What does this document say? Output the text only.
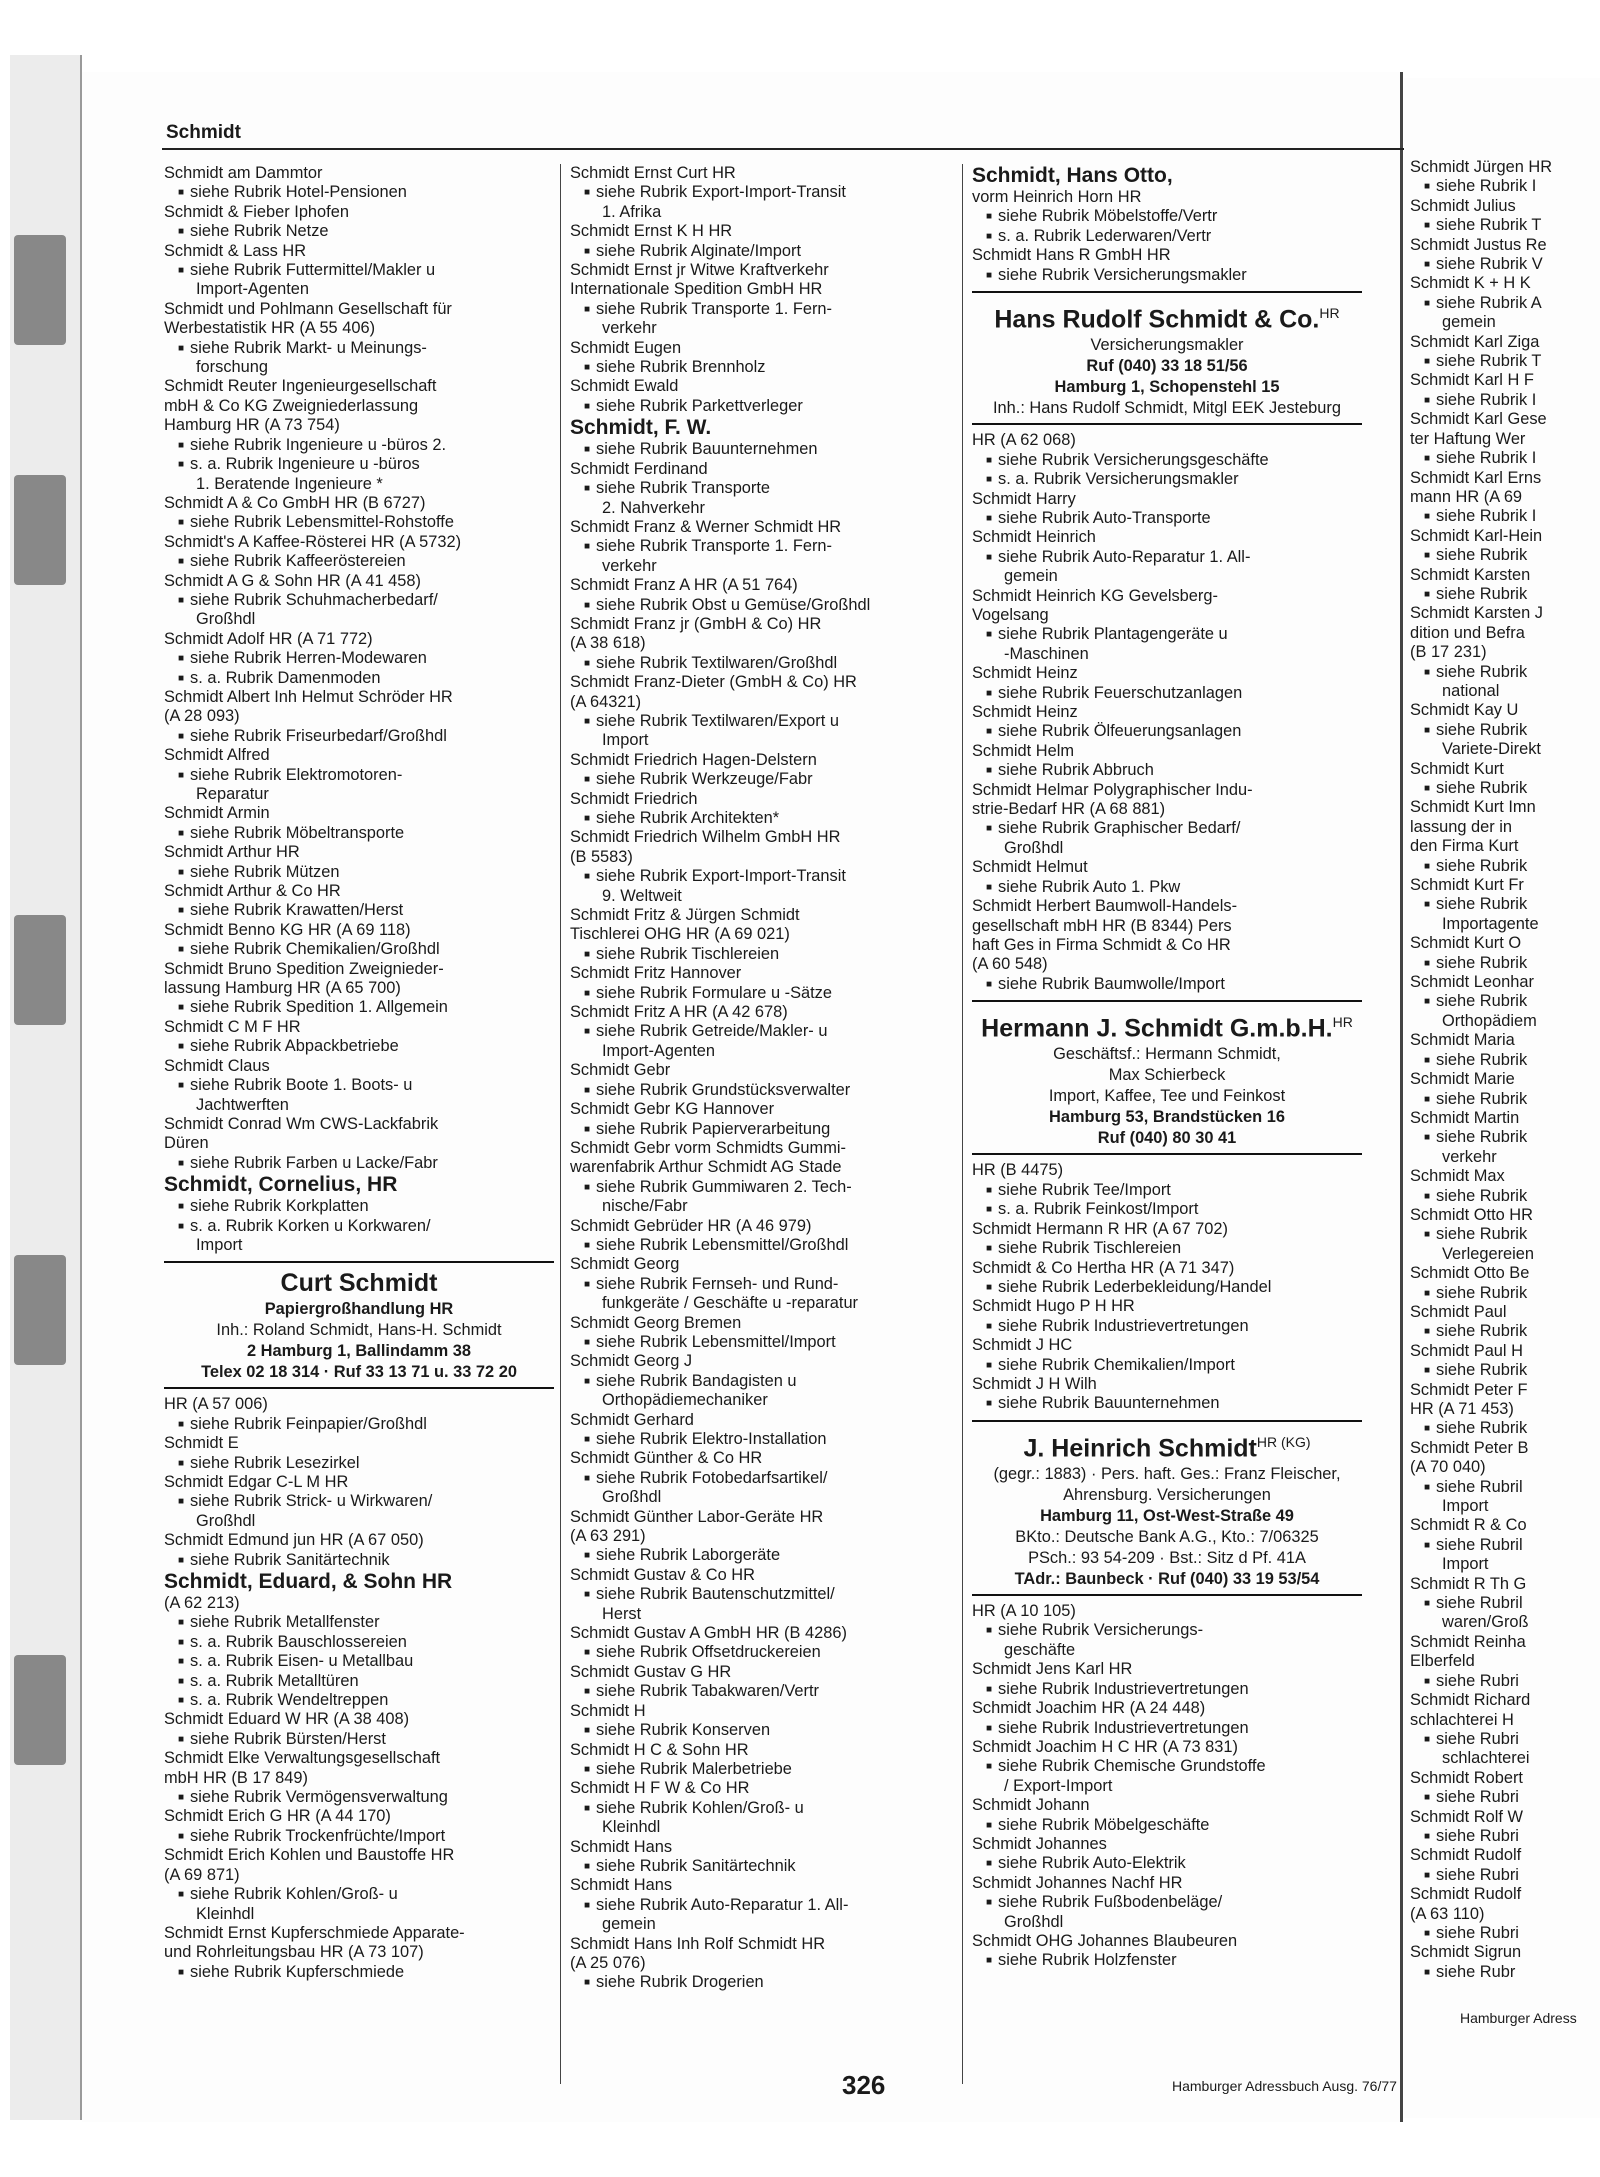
Schmidt
Schmidt am Dammtor
■ siehe Rubrik Hotel-Pensionen
Schmidt & Fieber Iphofen
■ siehe Rubrik Netze
Schmidt & Lass HR
■ siehe Rubrik Futtermittel/Makler u
Import-Agenten
Schmidt und Pohlmann Gesellschaft für
Werbestatistik HR (A 55 406)
■ siehe Rubrik Markt- u Meinungs-
forschung
Schmidt Reuter Ingenieurgesellschaft
mbH & Co KG Zweigniederlassung
Hamburg HR (A 73 754)
■ siehe Rubrik Ingenieure u -büros 2.
■ s. a. Rubrik Ingenieure u -büros
1. Beratende Ingenieure *
Schmidt A & Co GmbH HR (B 6727)
■ siehe Rubrik Lebensmittel-Rohstoffe
Schmidt's A Kaffee-Rösterei HR (A 5732)
■ siehe Rubrik Kaffeeröstereien
Schmidt A G & Sohn HR (A 41 458)
■ siehe Rubrik Schuhmacherbedarf/
Großhdl
Schmidt Adolf HR (A 71 772)
■ siehe Rubrik Herren-Modewaren
■ s. a. Rubrik Damenmoden
Schmidt Albert Inh Helmut Schröder HR
(A 28 093)
■ siehe Rubrik Friseurbedarf/Großhdl
Schmidt Alfred
■ siehe Rubrik Elektromotoren-
Reparatur
Schmidt Armin
■ siehe Rubrik Möbeltransporte
Schmidt Arthur HR
■ siehe Rubrik Mützen
Schmidt Arthur & Co HR
■ siehe Rubrik Krawatten/Herst
Schmidt Benno KG HR (A 69 118)
■ siehe Rubrik Chemikalien/Großhdl
Schmidt Bruno Spedition Zweignieder-
lassung Hamburg HR (A 65 700)
■ siehe Rubrik Spedition 1. Allgemein
Schmidt C M F HR
■ siehe Rubrik Abpackbetriebe
Schmidt Claus
■ siehe Rubrik Boote 1. Boots- u
Jachtwerften
Schmidt Conrad Wm CWS-Lackfabrik
Düren
■ siehe Rubrik Farben u Lacke/Fabr
Schmidt, Cornelius, HR
■ siehe Rubrik Korkplatten
■ s. a. Rubrik Korken u Korkwaren/
Import
Curt Schmidt
Papiergroßhandlung HR
Inh.: Roland Schmidt, Hans-H. Schmidt
2 Hamburg 1, Ballindamm 38
Telex 02 18 314 · Ruf 33 13 71 u. 33 72 20
HR (A 57 006)
■ siehe Rubrik Feinpapier/Großhdl
Schmidt E
■ siehe Rubrik Lesezirkel
Schmidt Edgar C-L M HR
■ siehe Rubrik Strick- u Wirkwaren/
Großhdl
Schmidt Edmund jun HR (A 67 050)
■ siehe Rubrik Sanitärtechnik
Schmidt, Eduard, & Sohn HR
(A 62 213)
■ siehe Rubrik Metallfenster
■ s. a. Rubrik Bauschlossereien
■ s. a. Rubrik Eisen- u Metallbau
■ s. a. Rubrik Metalltüren
■ s. a. Rubrik Wendeltreppen
Schmidt Eduard W HR (A 38 408)
■ siehe Rubrik Bürsten/Herst
Schmidt Elke Verwaltungsgesellschaft
mbH HR (B 17 849)
■ siehe Rubrik Vermögensverwaltung
Schmidt Erich G HR (A 44 170)
■ siehe Rubrik Trockenfrüchte/Import
Schmidt Erich Kohlen und Baustoffe HR
(A 69 871)
■ siehe Rubrik Kohlen/Groß- u
Kleinhdl
Schmidt Ernst Kupferschmiede Apparate-
und Rohrleitungsbau HR (A 73 107)
■ siehe Rubrik Kupferschmiede
Schmidt Ernst Curt HR
■ siehe Rubrik Export-Import-Transit
1. Afrika
Schmidt Ernst K H HR
■ siehe Rubrik Alginate/Import
Schmidt Ernst jr Witwe Kraftverkehr
Internationale Spedition GmbH HR
■ siehe Rubrik Transporte 1. Fern-
verkehr
Schmidt Eugen
■ siehe Rubrik Brennholz
Schmidt Ewald
■ siehe Rubrik Parkettverleger
Schmidt, F. W.
■ siehe Rubrik Bauunternehmen
Schmidt Ferdinand
■ siehe Rubrik Transporte
2. Nahverkehr
Schmidt Franz & Werner Schmidt HR
■ siehe Rubrik Transporte 1. Fern-
verkehr
Schmidt Franz A HR (A 51 764)
■ siehe Rubrik Obst u Gemüse/Großhdl
Schmidt Franz jr (GmbH & Co) HR
(A 38 618)
■ siehe Rubrik Textilwaren/Großhdl
Schmidt Franz-Dieter (GmbH & Co) HR
(A 64321)
■ siehe Rubrik Textilwaren/Export u
Import
Schmidt Friedrich Hagen-Delstern
■ siehe Rubrik Werkzeuge/Fabr
Schmidt Friedrich
■ siehe Rubrik Architekten*
Schmidt Friedrich Wilhelm GmbH HR
(B 5583)
■ siehe Rubrik Export-Import-Transit
9. Weltweit
Schmidt Fritz & Jürgen Schmidt
Tischlerei OHG HR (A 69 021)
■ siehe Rubrik Tischlereien
Schmidt Fritz Hannover
■ siehe Rubrik Formulare u -Sätze
Schmidt Fritz A HR (A 42 678)
■ siehe Rubrik Getreide/Makler- u
Import-Agenten
Schmidt Gebr
■ siehe Rubrik Grundstücksverwalter
Schmidt Gebr KG Hannover
■ siehe Rubrik Papierverarbeitung
Schmidt Gebr vorm Schmidts Gummi-
warenfabrik Arthur Schmidt AG Stade
■ siehe Rubrik Gummiwaren 2. Tech-
nische/Fabr
Schmidt Gebrüder HR (A 46 979)
■ siehe Rubrik Lebensmittel/Großhdl
Schmidt Georg
■ siehe Rubrik Fernseh- und Rund-
funkgeräte / Geschäfte u -reparatur
Schmidt Georg Bremen
■ siehe Rubrik Lebensmittel/Import
Schmidt Georg J
■ siehe Rubrik Bandagisten u
Orthopädiemechaniker
Schmidt Gerhard
■ siehe Rubrik Elektro-Installation
Schmidt Günther & Co HR
■ siehe Rubrik Fotobedarfsartikel/
Großhdl
Schmidt Günther Labor-Geräte HR
(A 63 291)
■ siehe Rubrik Laborgeräte
Schmidt Gustav & Co HR
■ siehe Rubrik Bautenschutzmittel/
Herst
Schmidt Gustav A GmbH HR (B 4286)
■ siehe Rubrik Offsetdruckereien
Schmidt Gustav G HR
■ siehe Rubrik Tabakwaren/Vertr
Schmidt H
■ siehe Rubrik Konserven
Schmidt H C & Sohn HR
■ siehe Rubrik Malerbetriebe
Schmidt H F W & Co HR
■ siehe Rubrik Kohlen/Groß- u
Kleinhdl
Schmidt Hans
■ siehe Rubrik Sanitärtechnik
Schmidt Hans
■ siehe Rubrik Auto-Reparatur 1. All-
gemein
Schmidt Hans Inh Rolf Schmidt HR
(A 25 076)
■ siehe Rubrik Drogerien
Schmidt, Hans Otto,
vorm Heinrich Horn HR
■ siehe Rubrik Möbelstoffe/Vertr
■ s. a. Rubrik Lederwaren/Vertr
Schmidt Hans R GmbH HR
■ siehe Rubrik Versicherungsmakler
Hans Rudolf Schmidt & Co.$^{HR}$
Versicherungsmakler
Ruf (040) 33 18 51/56
Hamburg 1, Schopenstehl 15
Inh.: Hans Rudolf Schmidt, Mitgl EEK Jesteburg
HR (A 62 068)
■ siehe Rubrik Versicherungsgeschäfte
■ s. a. Rubrik Versicherungsmakler
Schmidt Harry
■ siehe Rubrik Auto-Transporte
Schmidt Heinrich
■ siehe Rubrik Auto-Reparatur 1. All-
gemein
Schmidt Heinrich KG Gevelsberg-
Vogelsang
■ siehe Rubrik Plantagengeräte u
-Maschinen
Schmidt Heinz
■ siehe Rubrik Feuerschutzanlagen
Schmidt Heinz
■ siehe Rubrik Ölfeuerungsanlagen
Schmidt Helm
■ siehe Rubrik Abbruch
Schmidt Helmar Polygraphischer Indu-
strie-Bedarf HR (A 68 881)
■ siehe Rubrik Graphischer Bedarf/
Großhdl
Schmidt Helmut
■ siehe Rubrik Auto 1. Pkw
Schmidt Herbert Baumwoll-Handels-
gesellschaft mbH HR (B 8344) Pers
haft Ges in Firma Schmidt & Co HR
(A 60 548)
■ siehe Rubrik Baumwolle/Import
Hermann J. Schmidt G.m.b.H.$^{HR}$
Geschäftsf.: Hermann Schmidt,
Max Schierbeck
Import, Kaffee, Tee und Feinkost
Hamburg 53, Brandstücken 16
Ruf (040) 80 30 41
HR (B 4475)
■ siehe Rubrik Tee/Import
■ s. a. Rubrik Feinkost/Import
Schmidt Hermann R HR (A 67 702)
■ siehe Rubrik Tischlereien
Schmidt & Co Hertha HR (A 71 347)
■ siehe Rubrik Lederbekleidung/Handel
Schmidt Hugo P H HR
■ siehe Rubrik Industrievertretungen
Schmidt J HC
■ siehe Rubrik Chemikalien/Import
Schmidt J H Wilh
■ siehe Rubrik Bauunternehmen
J. Heinrich Schmidt$^{HR (KG)}$
(gegr.: 1883) · Pers. haft. Ges.: Franz Fleischer, Ahrensburg. Versicherungen
Hamburg 11, Ost-West-Straße 49
BKto.: Deutsche Bank A.G., Kto.: 7/06325
PSch.: 93 54-209 · Bst.: Sitz d Pf. 41A
TAdr.: Baunbeck · Ruf (040) 33 19 53/54
HR (A 10 105)
■ siehe Rubrik Versicherungs-
geschäfte
Schmidt Jens Karl HR
■ siehe Rubrik Industrievertretungen
Schmidt Joachim HR (A 24 448)
■ siehe Rubrik Industrievertretungen
Schmidt Joachim H C HR (A 73 831)
■ siehe Rubrik Chemische Grundstoffe
/ Export-Import
Schmidt Johann
■ siehe Rubrik Möbelgeschäfte
Schmidt Johannes
■ siehe Rubrik Auto-Elektrik
Schmidt Johannes Nachf HR
■ siehe Rubrik Fußbodenbeläge/
Großhdl
Schmidt OHG Johannes Blaubeuren
■ siehe Rubrik Holzfenster
326	Hamburger Adressbuch Ausg. 76/77
Schmidt Jürgen HR
■ siehe Rubrik I
Schmidt Julius
■ siehe Rubrik T
Schmidt Justus Re
■ siehe Rubrik V
Schmidt K + H K
■ siehe Rubrik A
gemein
Schmidt Karl Ziga
■ siehe Rubrik T
Schmidt Karl H F
■ siehe Rubrik I
Schmidt Karl Gese
ter Haftung Wer
■ siehe Rubrik I
Schmidt Karl Erns
mann HR (A 69
■ siehe Rubrik I
Schmidt Karl-Hein
■ siehe Rubrik
Schmidt Karsten
■ siehe Rubrik
Schmidt Karsten J
dition und Befra
(B 17 231)
■ siehe Rubrik
national
Schmidt Kay U
■ siehe Rubrik
Variete-Direkt
Schmidt Kurt
■ siehe Rubrik
Schmidt Kurt Imn
lassung der in
den Firma Kurt
■ siehe Rubrik
Schmidt Kurt Fr
■ siehe Rubrik
Importagente
Schmidt Kurt O
■ siehe Rubrik
Schmidt Leonhar
■ siehe Rubrik
Orthopädiem
Schmidt Maria
■ siehe Rubrik
Schmidt Marie
■ siehe Rubrik
Schmidt Martin
■ siehe Rubrik
verkehr
Schmidt Max
■ siehe Rubrik
Schmidt Otto HR
■ siehe Rubrik
Verlegereien
Schmidt Otto Be
■ siehe Rubrik
Schmidt Paul
■ siehe Rubrik
Schmidt Paul H
■ siehe Rubrik
Schmidt Peter F
HR (A 71 453)
■ siehe Rubrik
Schmidt Peter B
(A 70 040)
■ siehe Rubril
Import
Schmidt R & Co
■ siehe Rubril
Import
Schmidt R Th G
■ siehe Rubril
waren/Groß
Schmidt Reinha
Elberfeld
■ siehe Rubri
Schmidt Richard
schlachterei H
■ siehe Rubri
schlachterei
Schmidt Robert
■ siehe Rubri
Schmidt Rolf W
■ siehe Rubri
Schmidt Rudolf
■ siehe Rubri
Schmidt Rudolf
(A 63 110)
■ siehe Rubri
Schmidt Sigrun
■ siehe Rubr
Hamburger Adress
